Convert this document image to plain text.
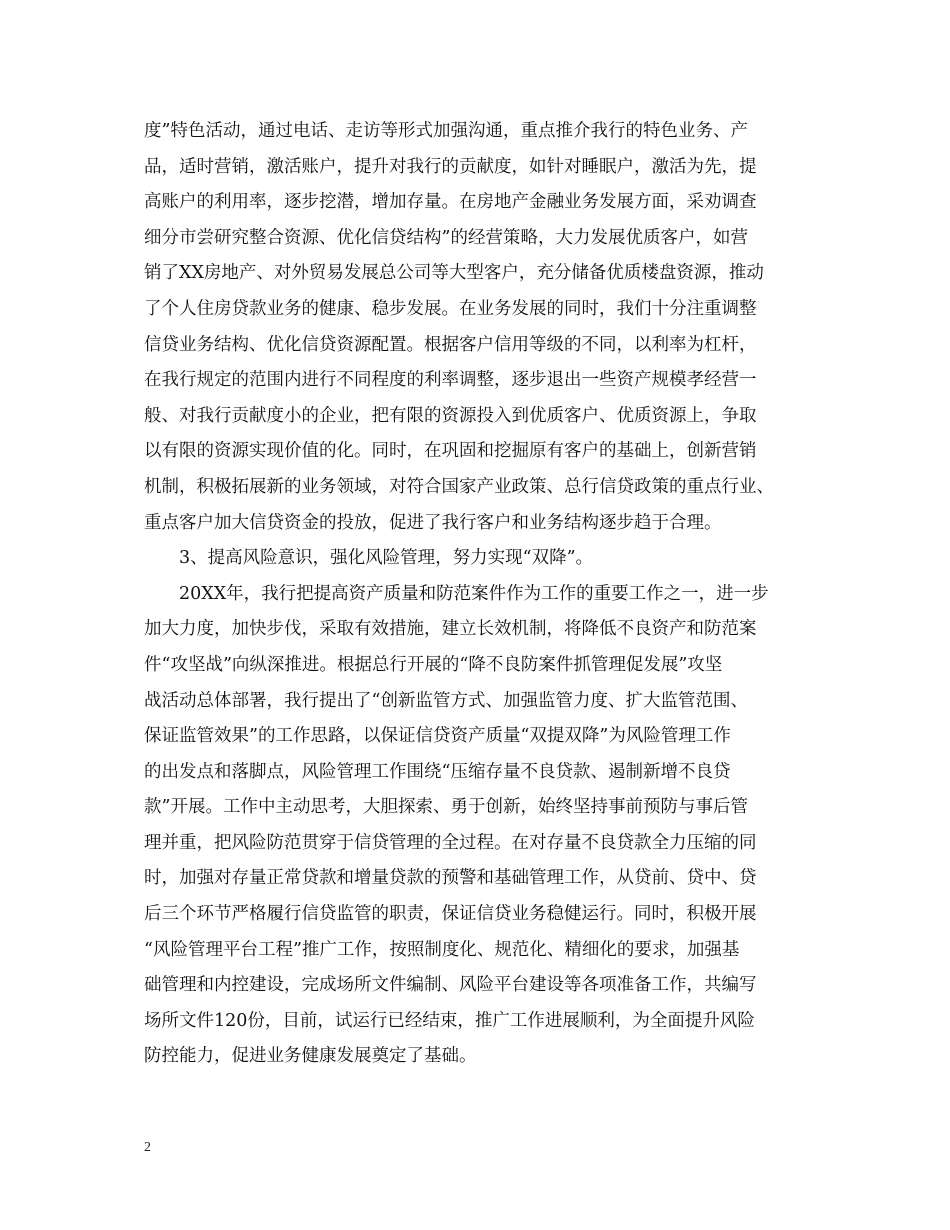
度”特色活动，通过电话、走访等形式加强沟通，重点推介我行的特色业务、产
品，适时营销，激活账户，提升对我行的贡献度，如针对睡眠户，激活为先，提
高账户的利用率，逐步挖潜，增加存量。在房地产金融业务发展方面，采劝调查
细分市尝研究整合资源、优化信贷结构”的经营策略，大力发展优质客户，如营
销了XX房地产、对外贸易发展总公司等大型客户，充分储备优质楼盘资源，推动
了个人住房贷款业务的健康、稳步发展。在业务发展的同时，我们十分注重调整
信贷业务结构、优化信贷资源配置。根据客户信用等级的不同，以利率为杠杆，
在我行规定的范围内进行不同程度的利率调整，逐步退出一些资产规模孝经营一
般、对我行贡献度小的企业，把有限的资源投入到优质客户、优质资源上，争取
以有限的资源实现价值的化。同时，在巩固和挖掘原有客户的基础上，创新营销
机制，积极拓展新的业务领域，对符合国家产业政策、总行信贷政策的重点行业、
重点客户加大信贷资金的投放，促进了我行客户和业务结构逐步趋于合理。
3、提高风险意识，强化风险管理，努力实现“双降”。
20XX年，我行把提高资产质量和防范案件作为工作的重要工作之一，进一步
加大力度，加快步伐，采取有效措施，建立长效机制，将降低不良资产和防范案
件“攻坚战”向纵深推进。根据总行开展的“降不良防案件抓管理促发展”攻坚
战活动总体部署，我行提出了“创新监管方式、加强监管力度、扩大监管范围、
保证监管效果”的工作思路，以保证信贷资产质量“双提双降”为风险管理工作
的出发点和落脚点，风险管理工作围绕“压缩存量不良贷款、遏制新增不良贷
款”开展。工作中主动思考，大胆探索、勇于创新，始终坚持事前预防与事后管
理并重，把风险防范贯穿于信贷管理的全过程。在对存量不良贷款全力压缩的同
时，加强对存量正常贷款和增量贷款的预警和基础管理工作，从贷前、贷中、贷
后三个环节严格履行信贷监管的职责，保证信贷业务稳健运行。同时，积极开展
“风险管理平台工程”推广工作，按照制度化、规范化、精细化的要求，加强基
础管理和内控建设，完成场所文件编制、风险平台建设等各项准备工作，共编写
场所文件120份，目前，试运行已经结束，推广工作进展顺利，为全面提升风险
防控能力，促进业务健康发展奠定了基础。
2
